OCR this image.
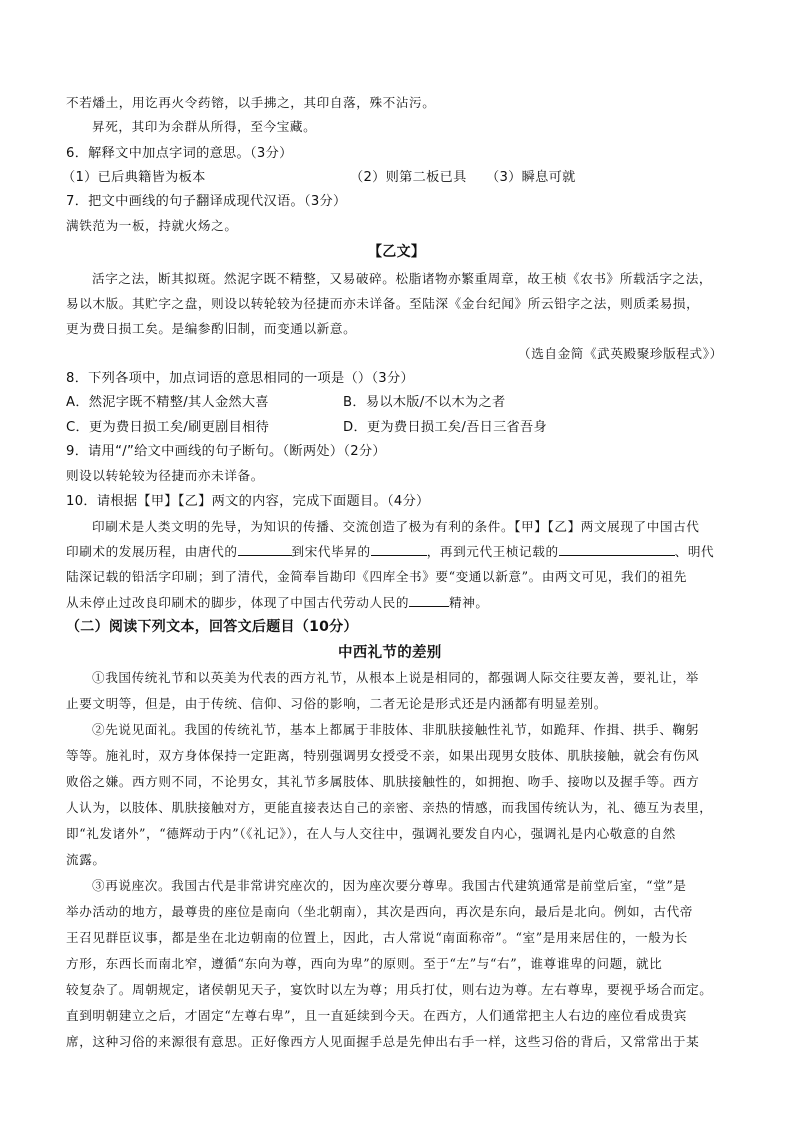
不若燔土，用讫再火令药镕，以手拂之，其印自落，殊不沾污。
昇死，其印为余群从所得，至今宝藏。
6．解释文中加点字词的意思。（3分）
（1）已后典籍皆为板本	（2）则第二板已具 （3）瞬息可就
7．把文中画线的句子翻译成现代汉语。（3分）
满铁范为一板，持就火炀之。
【乙文】
活字之法，断其拟斑。然泥字既不精整，又易破碎。松脂诸物亦繁重周章，故王桢《农书》所载活字之法，
易以木版。其贮字之盘，则设以转轮较为径捷而亦未详备。至陆深《金台纪闻》所云铅字之法，则质柔易损，
更为费日损工矣。是编参酌旧制，而变通以新意。
（选自金简《武英殿聚珍版程式》）
8．下列各项中，加点词语的意思相同的一项是（）（3分）
A．然泥字既不精整/其人金然大喜	B．易以木版/不以木为之者
C．更为费日损工矣/刷更剧目相待	D．更为费日损工矣/吾日三省吾身
9．请用“/”给文中画线的句子断句。（断两处）（2分）
则设以转轮较为径捷而亦未详备。
10．请根据【甲】【乙】两文的内容，完成下面题目。（4分）
印刷术是人类文明的先导，为知识的传播、交流创造了极为有利的条件。【甲】【乙】两文展现了中国古代
印刷术的发展历程，由唐代的	到宋代毕昇的	，再到元代王桢记载的	、明代
陆深记载的铅活字印刷；到了清代，金简奉旨勘印《四库全书》要“变通以新意”。由两文可见，我们的祖先
从未停止过改良印刷术的脚步，体现了中国古代劳动人民的	精神。
（二）阅读下列文本，回答文后题目（10分）
中西礼节的差别
①我国传统礼节和以英美为代表的西方礼节，从根本上说是相同的，都强调人际交往要友善，要礼让，举
止要文明等，但是，由于传统、信仰、习俗的影响，二者无论是形式还是内涵都有明显差别。
②先说见面礼。我国的传统礼节，基本上都属于非肢体、非肌肤接触性礼节，如跪拜、作揖、拱手、鞠躬
等等。施礼时，双方身体保持一定距离，特别强调男女授受不亲，如果出现男女肢体、肌肤接触，就会有伤风
败俗之嫌。西方则不同，不论男女，其礼节多属肢体、肌肤接触性的，如拥抱、吻手、接吻以及握手等。西方
人认为，以肢体、肌肤接触对方，更能直接表达自己的亲密、亲热的情感，而我国传统认为，礼、德互为表里，
即“礼发诸外”，“德辉动于内”（《礼记》），在人与人交往中，强调礼要发自内心，强调礼是内心敬意的自然
流露。
③再说座次。我国古代是非常讲究座次的，因为座次要分尊卑。我国古代建筑通常是前堂后室，“堂”是
举办活动的地方，最尊贵的座位是南向（坐北朝南），其次是西向，再次是东向，最后是北向。例如，古代帝
王召见群臣议事，都是坐在北边朝南的位置上，因此，古人常说“南面称帝”。“室”是用来居住的，一般为长
方形，东西长而南北窄，遵循“东向为尊，西向为卑”的原则。至于“左”与“右”，谁尊谁卑的问题，就比
较复杂了。周朝规定，诸侯朝见天子，宴饮时以左为尊；用兵打仗，则右边为尊。左右尊卑，要视乎场合而定。
直到明朝建立之后，才固定“左尊右卑”，且一直延续到今天。在西方，人们通常把主人右边的座位看成贵宾
席，这种习俗的来源很有意思。正好像西方人见面握手总是先伸出右手一样，这些习俗的背后，又常常出于某
